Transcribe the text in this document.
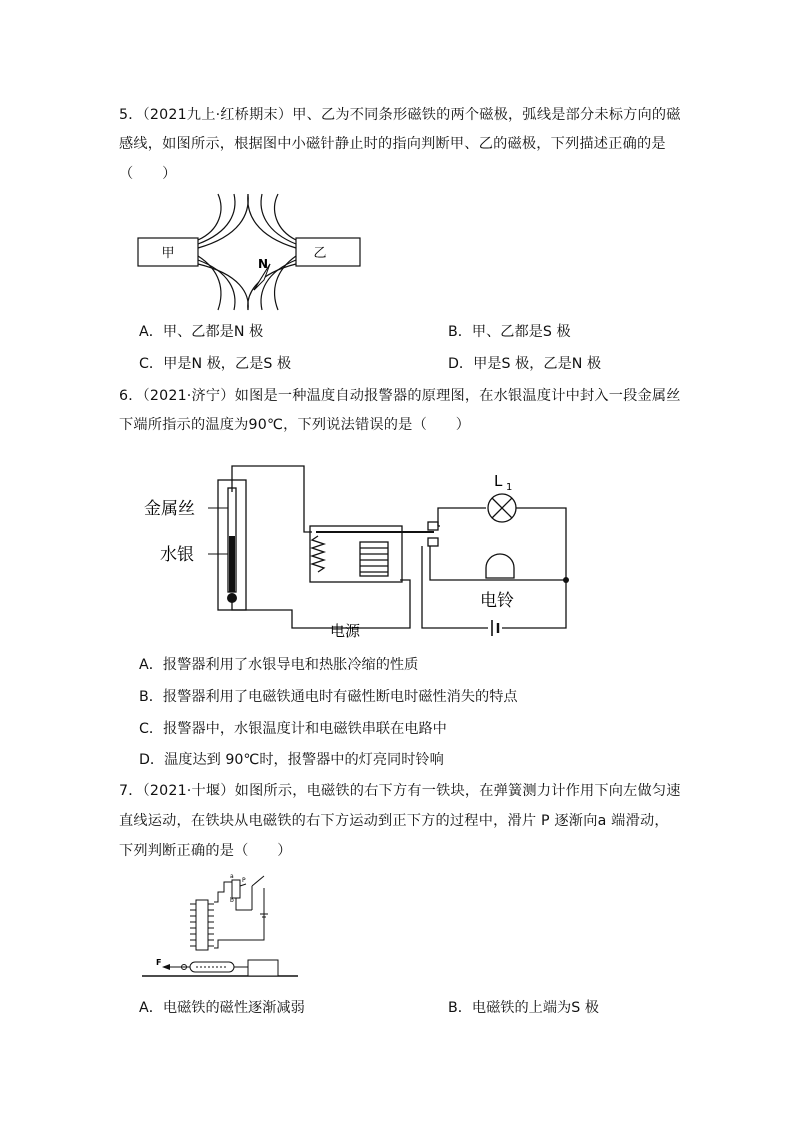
5．（2021九上·红桥期末）甲、乙为不同条形磁铁的两个磁极，弧线是部分未标方向的磁
感线，如图所示，根据图中小磁针静止时的指向判断甲、乙的磁极，下列描述正确的是
（　　）
甲	乙
N
A．甲、乙都是N 极	B．甲、乙都是S 极
C．甲是N 极，乙是S 极	D．甲是S 极，乙是N 极
6．（2021·济宁）如图是一种温度自动报警器的原理图，在水银温度计中封入一段金属丝
下端所指示的温度为90℃，下列说法错误的是（　　）
金属丝
水银
L 1
电铃
电源
A．报警器利用了水银导电和热胀冷缩的性质
B．报警器利用了电磁铁通电时有磁性断电时磁性消失的特点
C．报警器中，水银温度计和电磁铁串联在电路中
D．温度达到 90℃时，报警器中的灯亮同时铃响
7．（2021·十堰）如图所示，电磁铁的右下方有一铁块，在弹簧测力计作用下向左做匀速
直线运动，在铁块从电磁铁的右下方运动到正下方的过程中，滑片 P 逐渐向a 端滑动，
下列判断正确的是（　　）
F
a
b
P
A．电磁铁的磁性逐渐减弱	B．电磁铁的上端为S 极
